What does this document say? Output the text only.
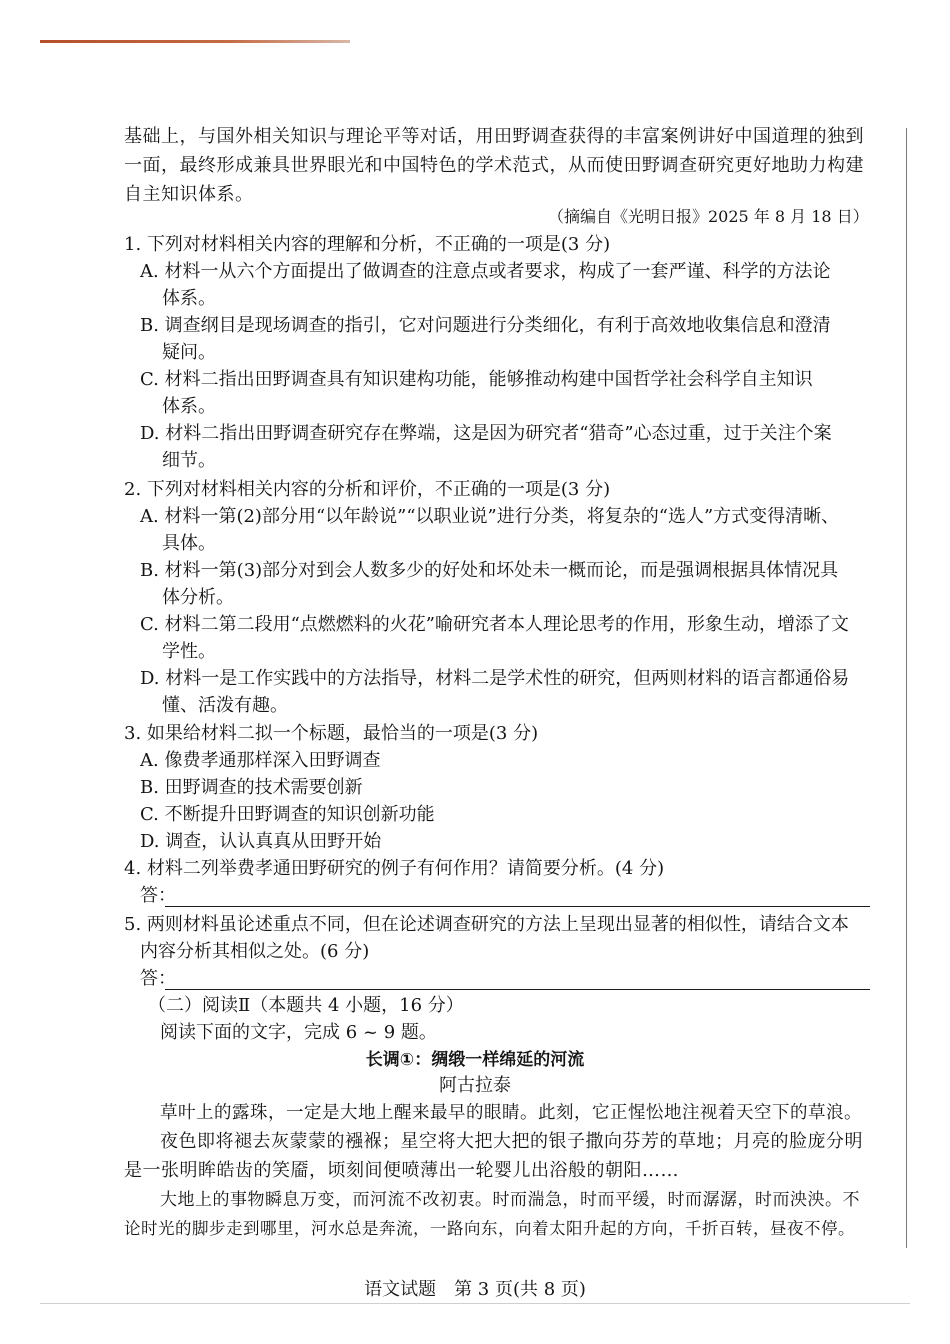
基础上，与国外相关知识与理论平等对话，用田野调查获得的丰富案例讲好中国道理的独到

一面，最终形成兼具世界眼光和中国特色的学术范式，从而使田野调查研究更好地助力构建

自主知识体系。

（摘编自《光明日报》2025 年 8 月 18 日）

1. 下列对材料相关内容的理解和分析，不正确的一项是(3 分)

A. 材料一从六个方面提出了做调查的注意点或者要求，构成了一套严谨、科学的方法论

体系。

B. 调查纲目是现场调查的指引，它对问题进行分类细化，有利于高效地收集信息和澄清

疑问。

C. 材料二指出田野调查具有知识建构功能，能够推动构建中国哲学社会科学自主知识

体系。

D. 材料二指出田野调查研究存在弊端，这是因为研究者“猎奇”心态过重，过于关注个案

细节。

2. 下列对材料相关内容的分析和评价，不正确的一项是(3 分)

A. 材料一第(2)部分用“以年龄说”“以职业说”进行分类，将复杂的“选人”方式变得清晰、

具体。

B. 材料一第(3)部分对到会人数多少的好处和坏处未一概而论，而是强调根据具体情况具

体分析。

C. 材料二第二段用“点燃燃料的火花”喻研究者本人理论思考的作用，形象生动，增添了文

学性。

D. 材料一是工作实践中的方法指导，材料二是学术性的研究，但两则材料的语言都通俗易

懂、活泼有趣。

3. 如果给材料二拟一个标题，最恰当的一项是(3 分)

A. 像费孝通那样深入田野调查

B. 田野调查的技术需要创新

C. 不断提升田野调查的知识创新功能

D. 调查，认认真真从田野开始

4. 材料二列举费孝通田野研究的例子有何作用？请简要分析。(4 分)

答：

5. 两则材料虽论述重点不同，但在论述调查研究的方法上呈现出显著的相似性，请结合文本

内容分析其相似之处。(6 分)

答：

（二）阅读Ⅱ（本题共 4 小题，16 分）

阅读下面的文字，完成 6 ~ 9 题。

长调①：绸缎一样绵延的河流

阿古拉泰

草叶上的露珠，一定是大地上醒来最早的眼睛。此刻，它正惺忪地注视着天空下的草浪。

夜色即将褪去灰蒙蒙的襁褓；星空将大把大把的银子撒向芬芳的草地；月亮的脸庞分明

是一张明眸皓齿的笑靥，顷刻间便喷薄出一轮婴儿出浴般的朝阳……

大地上的事物瞬息万变，而河流不改初衷。时而湍急，时而平缓，时而潺潺，时而泱泱。不

论时光的脚步走到哪里，河水总是奔流，一路向东，向着太阳升起的方向，千折百转，昼夜不停。

语文试题　第 3 页(共 8 页)
